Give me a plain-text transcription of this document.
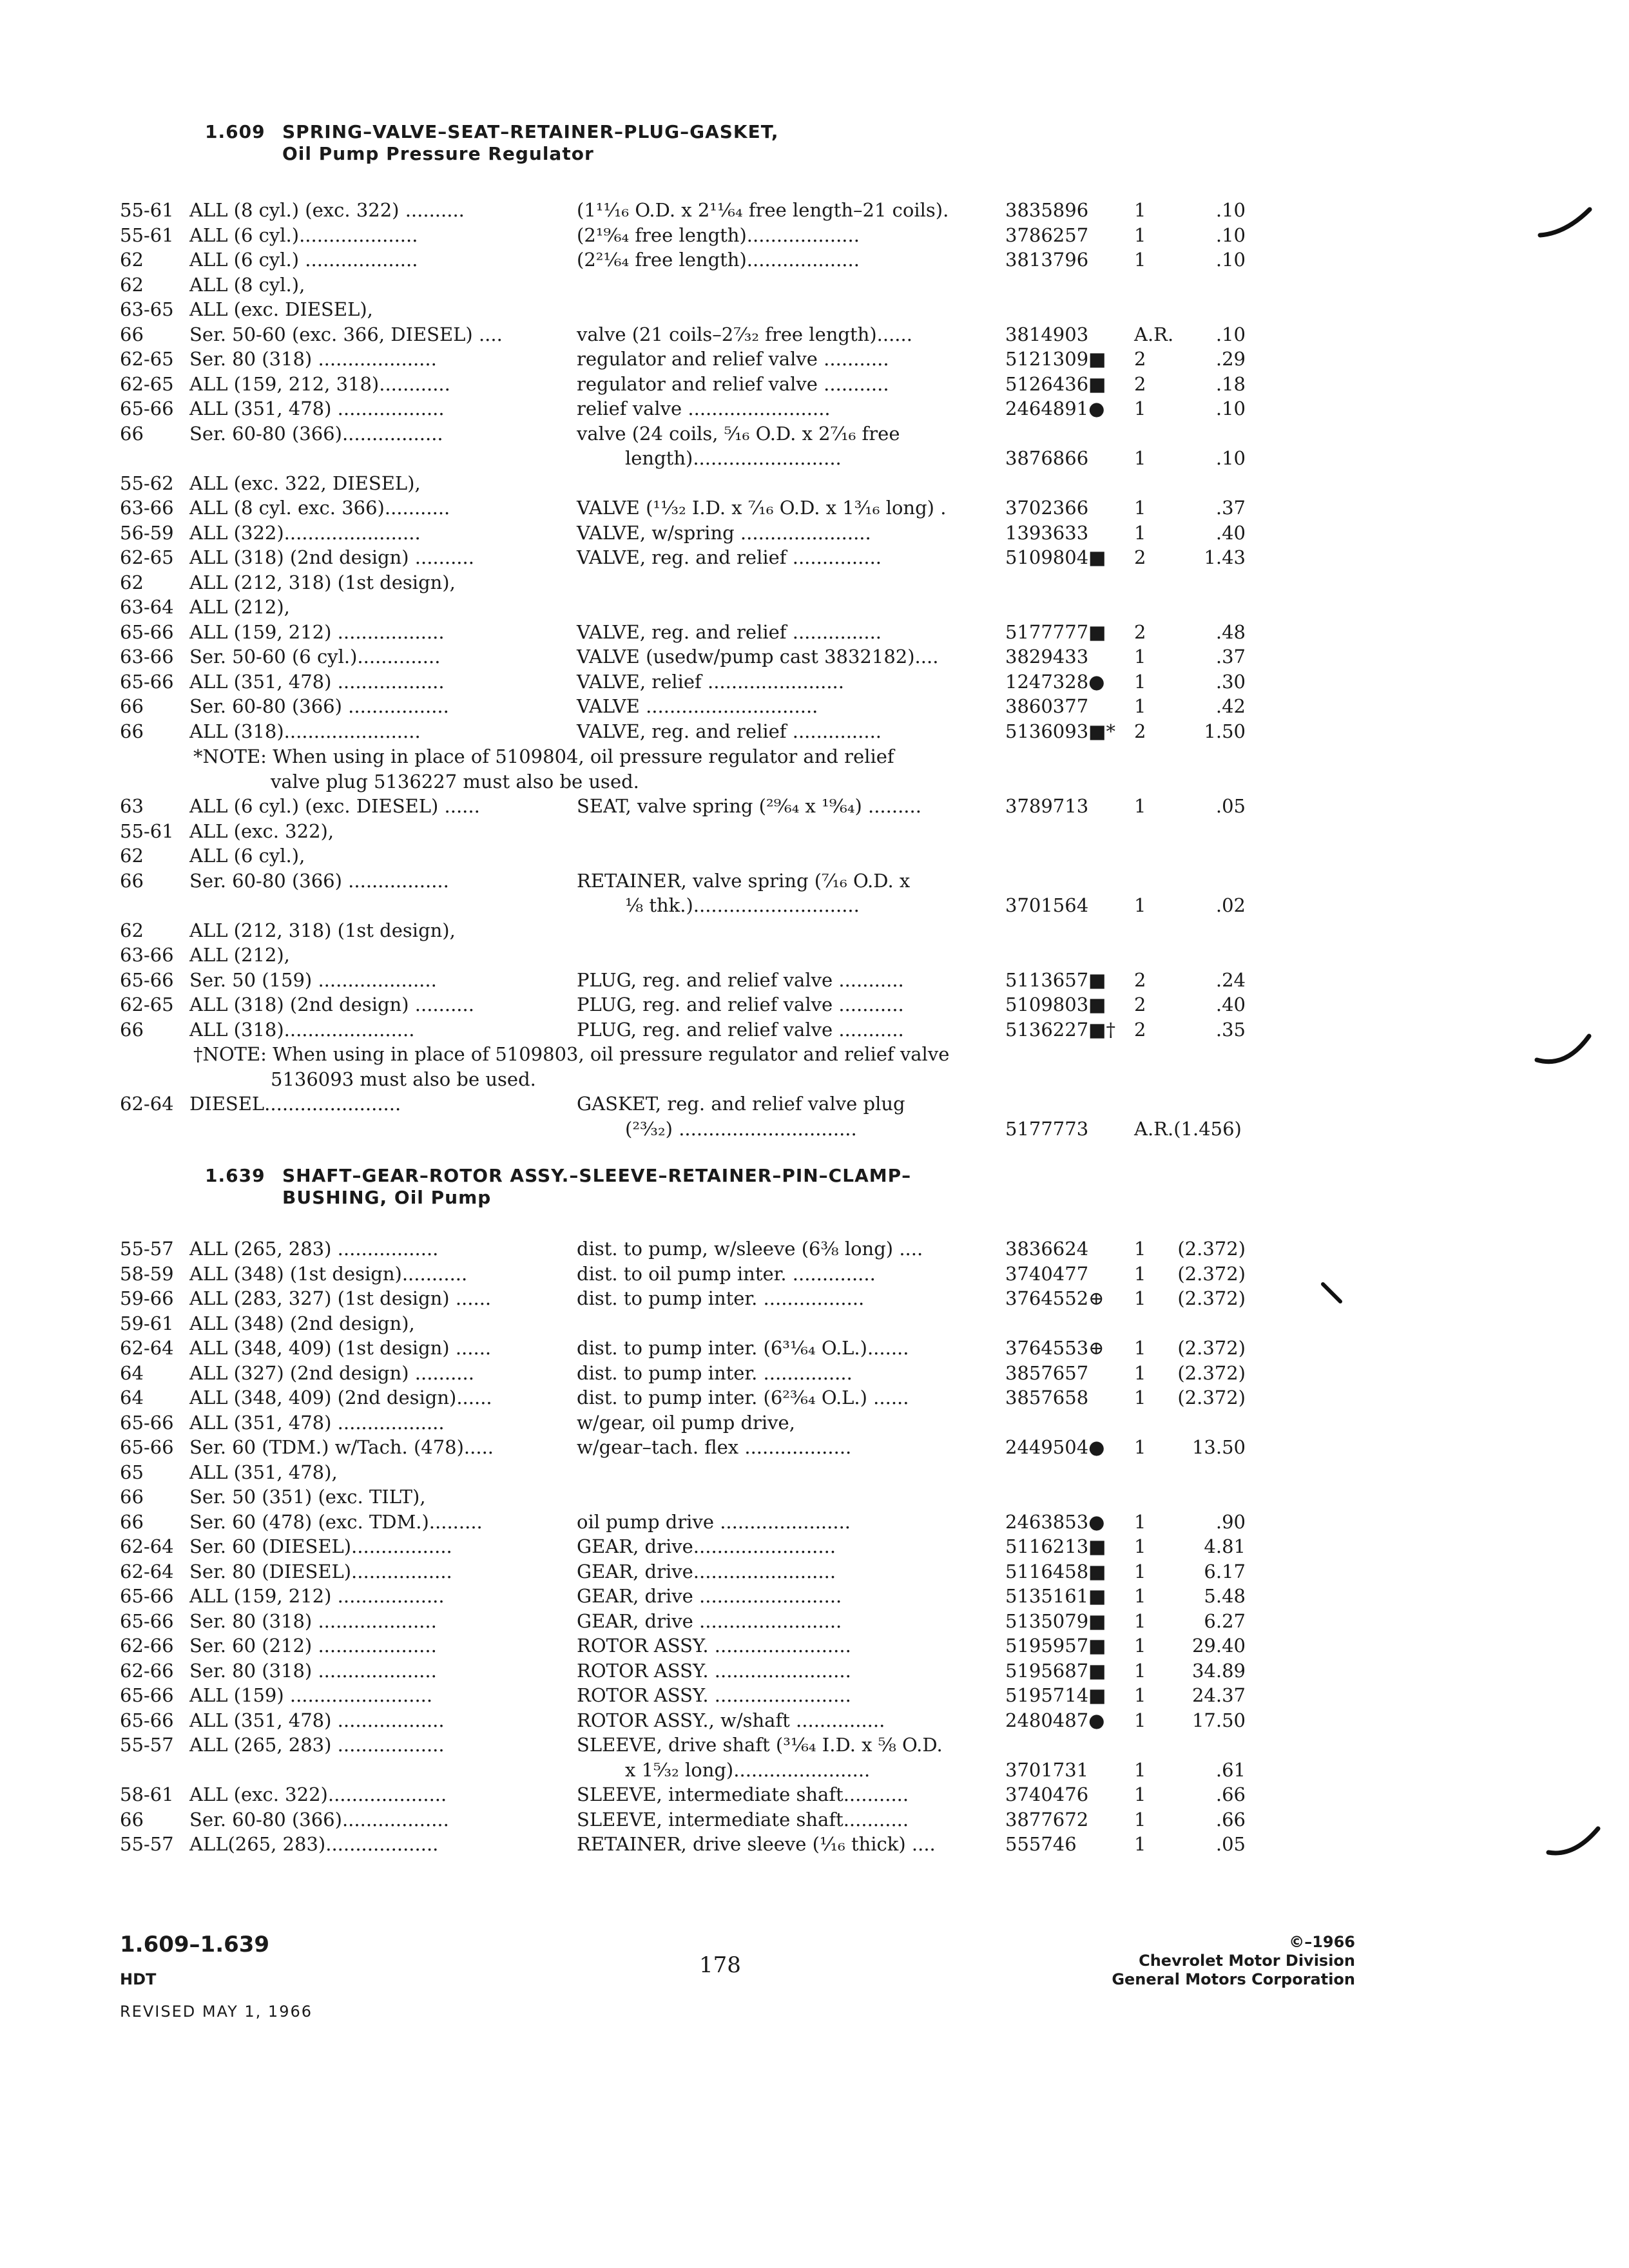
1.609 SPRING–VALVE–SEAT–RETAINER–PLUG–GASKET,
Oil Pump Pressure Regulator
55-61 ALL (8 cyl.) (exc. 322) ..........	(1¹¹⁄₁₆ O.D. x 2¹¹⁄₆₄ free length–21 coils).	3835896 1	.10
55-61 ALL (6 cyl.)....................	(2¹⁹⁄₆₄ free length)...................	3786257 1	.10
62 ALL (6 cyl.) ...................	(2²¹⁄₆₄ free length)...................	3813796 1	.10
62 ALL (8 cyl.),
63-65 ALL (exc. DIESEL),
66 Ser. 50-60 (exc. 366, DIESEL) ....	valve (21 coils–2⁷⁄₃₂ free length)......	3814903 A.R. .10
62-65 Ser. 80 (318) ....................	regulator and relief valve ...........	5121309■ 2	.29
62-65 ALL (159, 212, 318)............	regulator and relief valve ...........	5126436■ 2	.18
65-66 ALL (351, 478) ..................	relief valve ........................	2464891● 1	.10
66 Ser. 60-80 (366).................	valve (24 coils, ⁵⁄₁₆ O.D. x 2⁷⁄₁₆ free
length).........................	3876866 1	.10
55-62 ALL (exc. 322, DIESEL),
63-66 ALL (8 cyl. exc. 366)...........	VALVE (¹¹⁄₃₂ I.D. x ⁷⁄₁₆ O.D. x 1³⁄₁₆ long) .	3702366 1	.37
56-59 ALL (322).......................	VALVE, w/spring ......................	1393633 1	.40
62-65 ALL (318) (2nd design) ..........	VALVE, reg. and relief ...............	5109804■ 2	1.43
62 ALL (212, 318) (1st design),
63-64 ALL (212),
65-66 ALL (159, 212) ..................	VALVE, reg. and relief ...............	5177777■ 2	.48
63-66 Ser. 50-60 (6 cyl.)..............	VALVE (usedw/pump cast 3832182)....	3829433 1	.37
65-66 ALL (351, 478) ..................	VALVE, relief .......................	1247328● 1	.30
66 Ser. 60-80 (366) .................	VALVE .............................	3860377 1	.42
66 ALL (318).......................	VALVE, reg. and relief ...............	5136093■* 2	1.50
*NOTE: When using in place of 5109804, oil pressure regulator and relief
valve plug 5136227 must also be used.
63 ALL (6 cyl.) (exc. DIESEL) ......	SEAT, valve spring (²⁹⁄₆₄ x ¹⁹⁄₆₄) .........	3789713 1	.05
55-61 ALL (exc. 322),
62 ALL (6 cyl.),
66 Ser. 60-80 (366) .................	RETAINER, valve spring (⁷⁄₁₆ O.D. x
⅛ thk.)............................	3701564 1	.02
62 ALL (212, 318) (1st design),
63-66 ALL (212),
65-66 Ser. 50 (159) ....................	PLUG, reg. and relief valve ...........	5113657■ 2	.24
62-65 ALL (318) (2nd design) ..........	PLUG, reg. and relief valve ...........	5109803■ 2	.40
66 ALL (318)......................	PLUG, reg. and relief valve ...........	5136227■† 2	.35
†NOTE: When using in place of 5109803, oil pressure regulator and relief valve
5136093 must also be used.
62-64 DIESEL.......................	GASKET, reg. and relief valve plug
(²³⁄₃₂) ..............................	5177773 A.R.(1.456)
1.639 SHAFT–GEAR–ROTOR ASSY.–SLEEVE–RETAINER–PIN–CLAMP–
BUSHING, Oil Pump
55-57 ALL (265, 283) .................	dist. to pump, w/sleeve (6⅜ long) ....	3836624 1 (2.372)
58-59 ALL (348) (1st design)...........	dist. to oil pump inter. ..............	3740477 1 (2.372)
59-66 ALL (283, 327) (1st design) ......	dist. to pump inter. .................	3764552⊕ 1 (2.372)
59-61 ALL (348) (2nd design),
62-64 ALL (348, 409) (1st design) ......	dist. to pump inter. (6³¹⁄₆₄ O.L.).......	3764553⊕ 1 (2.372)
64 ALL (327) (2nd design) ..........	dist. to pump inter. ...............	3857657 1 (2.372)
64 ALL (348, 409) (2nd design)......	dist. to pump inter. (6²³⁄₆₄ O.L.) ......	3857658 1 (2.372)
65-66 ALL (351, 478) ..................	w/gear, oil pump drive,
65-66 Ser. 60 (TDM.) w/Tach. (478).....	w/gear–tach. flex ..................	2449504● 1 13.50
65 ALL (351, 478),
66 Ser. 50 (351) (exc. TILT),
66 Ser. 60 (478) (exc. TDM.).........	oil pump drive ......................	2463853● 1	.90
62-64 Ser. 60 (DIESEL).................	GEAR, drive........................	5116213■ 1	4.81
62-64 Ser. 80 (DIESEL).................	GEAR, drive........................	5116458■ 1	6.17
65-66 ALL (159, 212) ..................	GEAR, drive ........................	5135161■ 1	5.48
65-66 Ser. 80 (318) ....................	GEAR, drive ........................	5135079■ 1	6.27
62-66 Ser. 60 (212) ....................	ROTOR ASSY. .......................	5195957■ 1 29.40
62-66 Ser. 80 (318) ....................	ROTOR ASSY. .......................	5195687■ 1 34.89
65-66 ALL (159) ........................	ROTOR ASSY. .......................	5195714■ 1 24.37
65-66 ALL (351, 478) ..................	ROTOR ASSY., w/shaft ...............	2480487● 1 17.50
55-57 ALL (265, 283) ..................	SLEEVE, drive shaft (³¹⁄₆₄ I.D. x ⅝ O.D.
x 1⁵⁄₃₂ long).......................	3701731 1	.61
58-61 ALL (exc. 322)....................	SLEEVE, intermediate shaft...........	3740476 1	.66
66 Ser. 60-80 (366)..................	SLEEVE, intermediate shaft...........	3877672 1	.66
55-57 ALL(265, 283)...................	RETAINER, drive sleeve (¹⁄₁₆ thick) ....	555746	1	.05
1.609–1.639
HDT
REVISED MAY 1, 1966
178
©–1966
Chevrolet Motor Division
General Motors Corporation
